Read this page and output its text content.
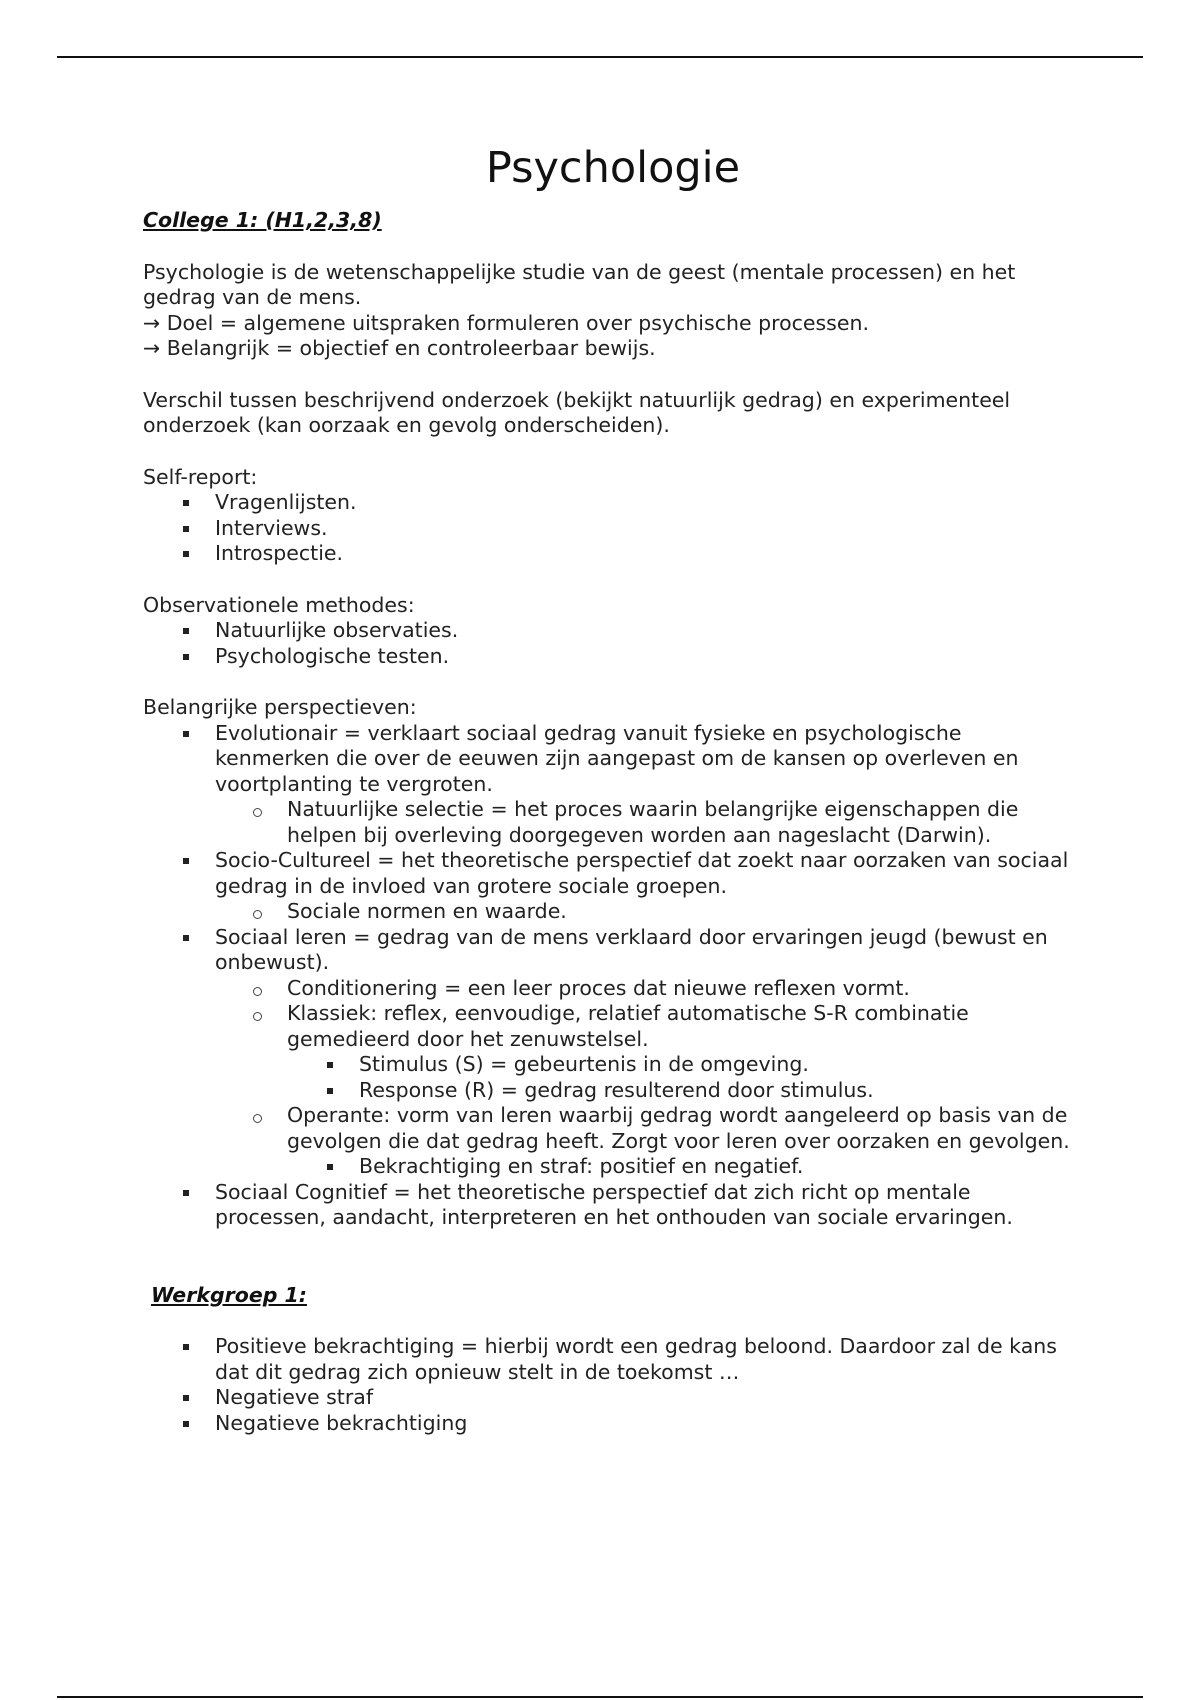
Psychologie

College 1: (H1,2,3,8)

Psychologie is de wetenschappelijke studie van de geest (mentale processen) en het gedrag van de mens.

→ Doel = algemene uitspraken formuleren over psychische processen.

→ Belangrijk = objectief en controleerbaar bewijs.

Verschil tussen beschrijvend onderzoek (bekijkt natuurlijk gedrag) en experimenteel onderzoek (kan oorzaak en gevolg onderscheiden).

Self-report:

Vragenlijsten.
Interviews.
Introspectie.

Observationele methodes:

Natuurlijke observaties.
Psychologische testen.

Belangrijke perspectieven:

Evolutionair = verklaart sociaal gedrag vanuit fysieke en psychologische kenmerken die over de eeuwen zijn aangepast om de kansen op overleven en voortplanting te vergroten.
Natuurlijke selectie = het proces waarin belangrijke eigenschappen die helpen bij overleving doorgegeven worden aan nageslacht (Darwin).
Socio-Cultureel = het theoretische perspectief dat zoekt naar oorzaken van sociaal gedrag in de invloed van grotere sociale groepen.
Sociale normen en waarde.
Sociaal leren = gedrag van de mens verklaard door ervaringen jeugd (bewust en onbewust).
Conditionering = een leer proces dat nieuwe reflexen vormt.
Klassiek: reflex, eenvoudige, relatief automatische S-R combinatie gemedieerd door het zenuwstelsel.
Stimulus (S) = gebeurtenis in de omgeving.
Response (R) = gedrag resulterend door stimulus.
Operante: vorm van leren waarbij gedrag wordt aangeleerd op basis van de gevolgen die dat gedrag heeft. Zorgt voor leren over oorzaken en gevolgen.
Bekrachtiging en straf: positief en negatief.
Sociaal Cognitief = het theoretische perspectief dat zich richt op mentale processen, aandacht, interpreteren en het onthouden van sociale ervaringen.

Werkgroep 1:

Positieve bekrachtiging = hierbij wordt een gedrag beloond. Daardoor zal de kans dat dit gedrag zich opnieuw stelt in de toekomst …
Negatieve straf
Negatieve bekrachtiging
